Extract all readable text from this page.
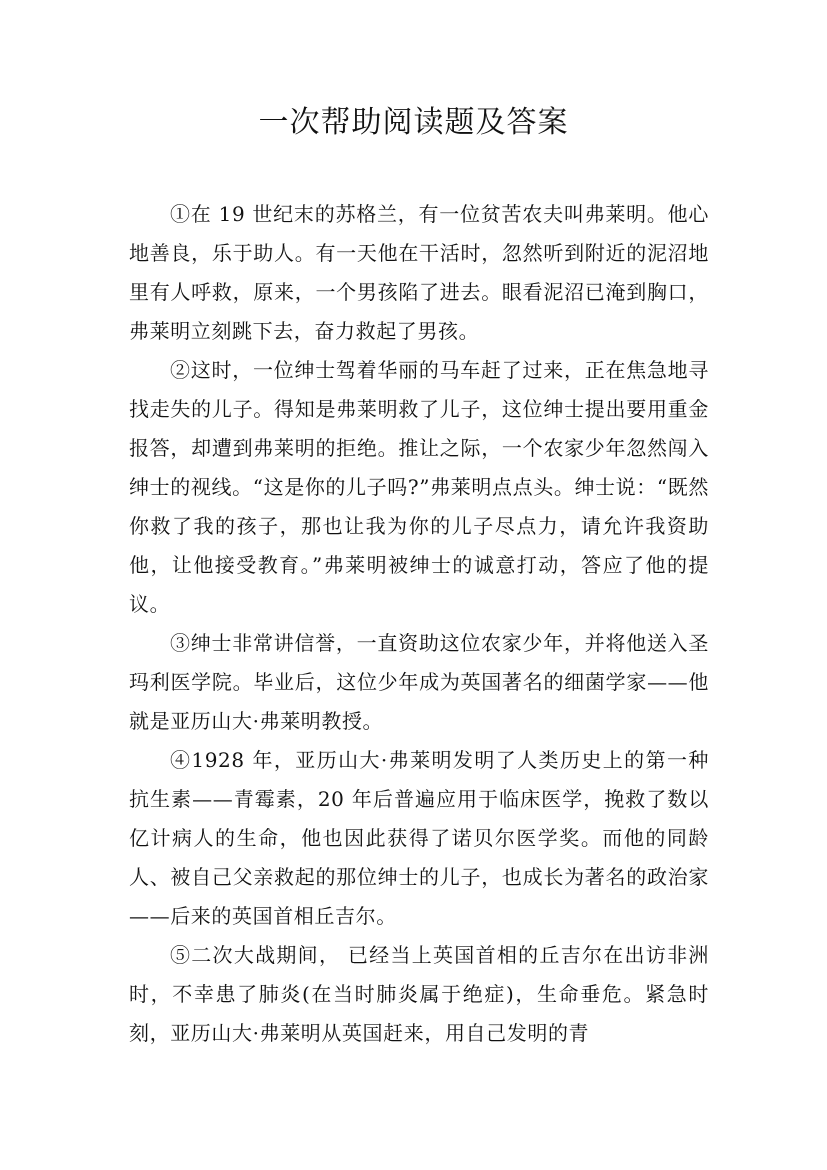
一次帮助阅读题及答案

①在 19 世纪末的苏格兰，有一位贫苦农夫叫弗莱明。他心地善良，乐于助人。有一天他在干活时，忽然听到附近的泥沼地里有人呼救，原来，一个男孩陷了进去。眼看泥沼已淹到胸口，弗莱明立刻跳下去，奋力救起了男孩。

②这时，一位绅士驾着华丽的马车赶了过来，正在焦急地寻找走失的儿子。得知是弗莱明救了儿子，这位绅士提出要用重金报答，却遭到弗莱明的拒绝。推让之际，一个农家少年忽然闯入绅士的视线。“这是你的儿子吗?”弗莱明点点头。绅士说：“既然你救了我的孩子，那也让我为你的儿子尽点力，请允许我资助他，让他接受教育。”弗莱明被绅士的诚意打动，答应了他的提议。

③绅士非常讲信誉，一直资助这位农家少年，并将他送入圣玛利医学院。毕业后，这位少年成为英国著名的细菌学家——他就是亚历山大·弗莱明教授。

④1928 年，亚历山大·弗莱明发明了人类历史上的第一种抗生素——青霉素，20 年后普遍应用于临床医学，挽救了数以亿计病人的生命，他也因此获得了诺贝尔医学奖。而他的同龄人、被自己父亲救起的那位绅士的儿子，也成长为著名的政治家——后来的英国首相丘吉尔。

⑤二次大战期间， 已经当上英国首相的丘吉尔在出访非洲时，不幸患了肺炎(在当时肺炎属于绝症)，生命垂危。紧急时刻，亚历山大·弗莱明从英国赶来，用自己发明的青
